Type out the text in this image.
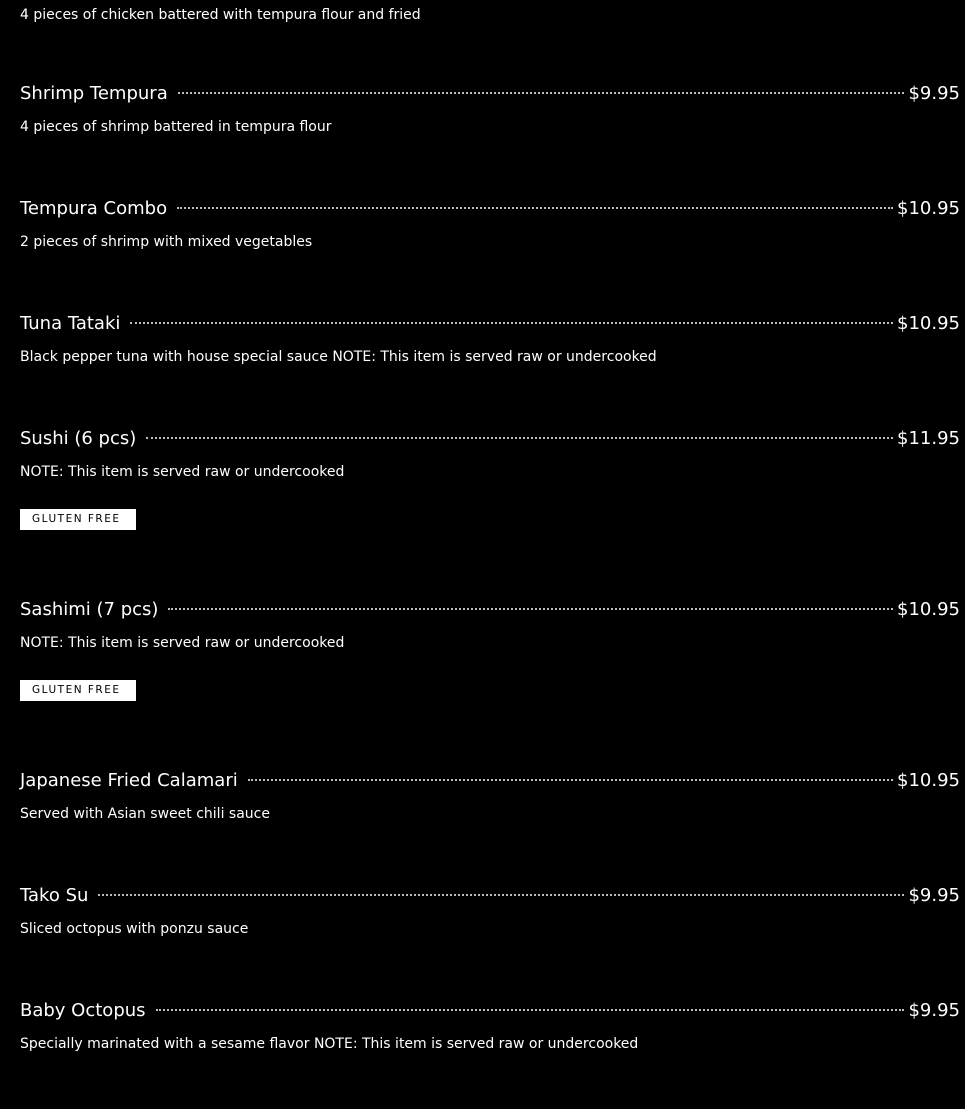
4 pieces of chicken battered with tempura flour and fried
Shrimp Tempura	$9.95
4 pieces of shrimp battered in tempura flour
Tempura Combo	$10.95
2 pieces of shrimp with mixed vegetables
Tuna Tataki	$10.95
Black pepper tuna with house special sauce NOTE: This item is served raw or undercooked
Sushi (6 pcs)	$11.95
NOTE: This item is served raw or undercooked
GLUTEN FREE
Sashimi (7 pcs)	$10.95
NOTE: This item is served raw or undercooked
GLUTEN FREE
Japanese Fried Calamari	$10.95
Served with Asian sweet chili sauce
Tako Su	$9.95
Sliced octopus with ponzu sauce
Baby Octopus	$9.95
Specially marinated with a sesame flavor NOTE: This item is served raw or undercooked
